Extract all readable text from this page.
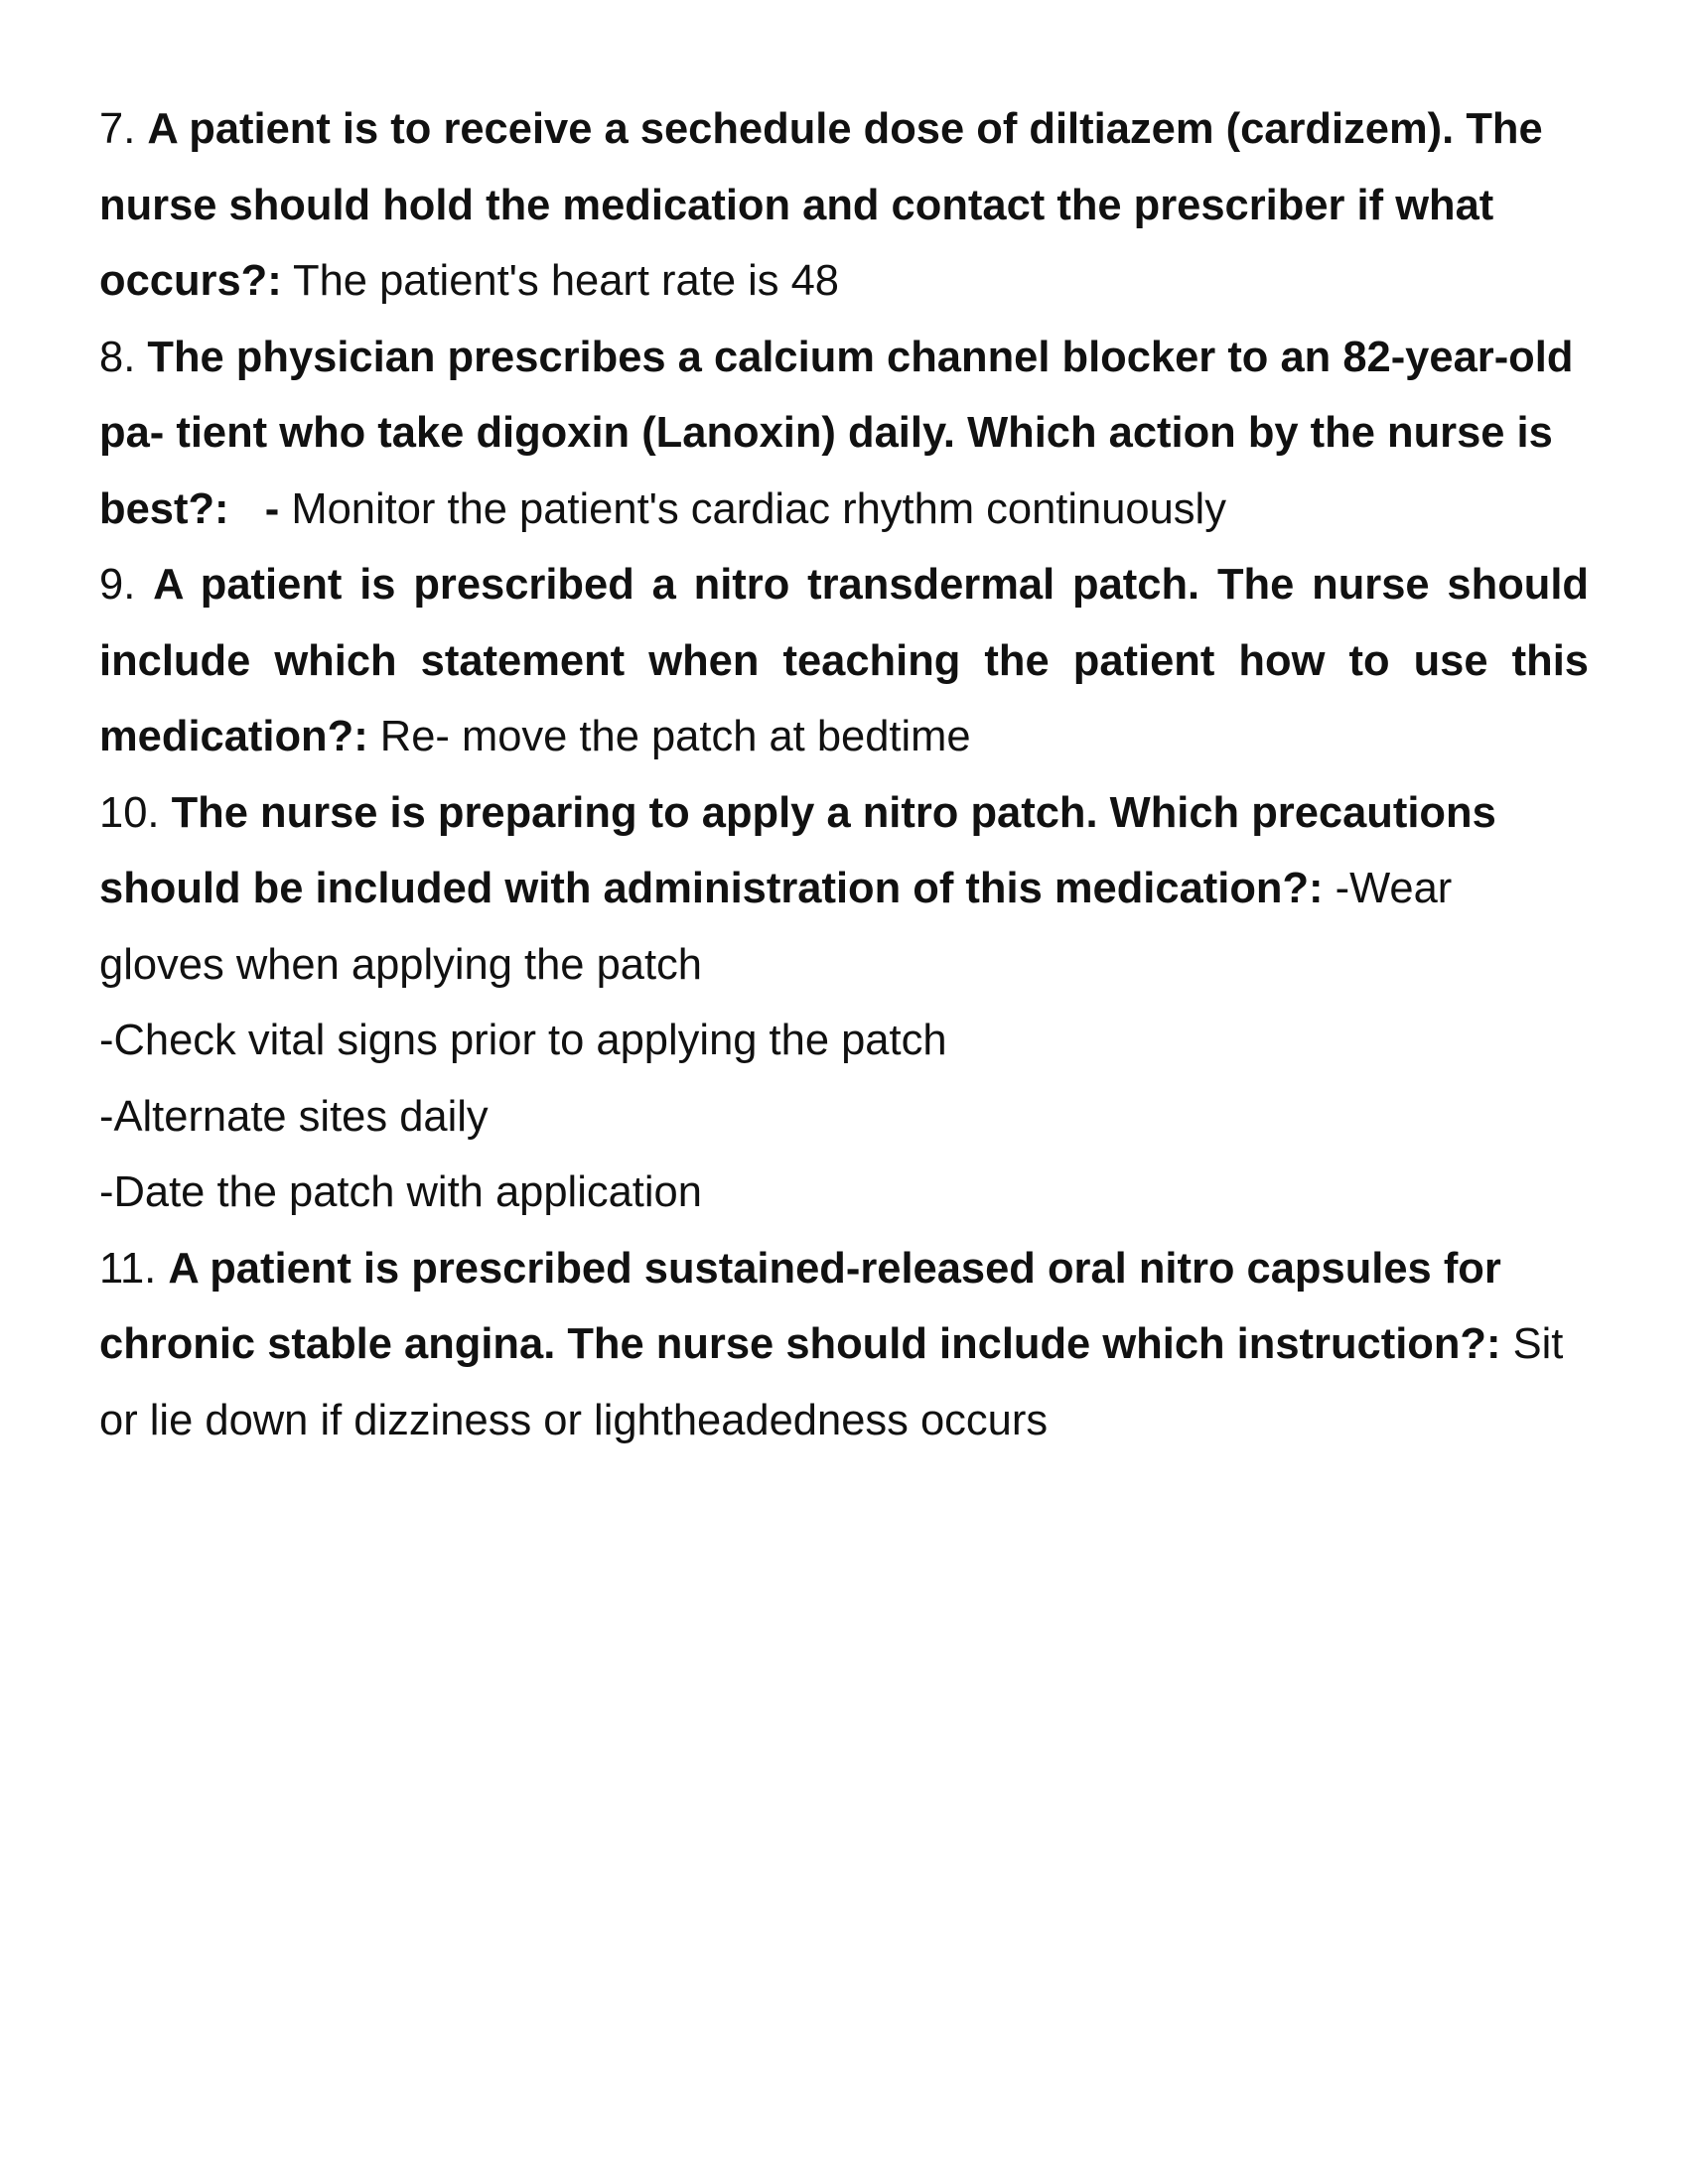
7. A patient is to receive a sechedule dose of diltiazem (cardizem). The nurse should hold the medication and contact the prescriber if what occurs?: The patient's heart rate is 48

8. The physician prescribes a calcium channel blocker to an 82-year-old pa- tient who take digoxin (Lanoxin) daily. Which action by the nurse is best?: - Monitor the patient's cardiac rhythm continuously

9. A patient is prescribed a nitro transdermal patch. The nurse should include which statement when teaching the patient how to use this medication?: Re- move the patch at bedtime

10. The nurse is preparing to apply a nitro patch. Which precautions should be included with administration of this medication?: -Wear gloves when applying the patch

-Check vital signs prior to applying the patch

-Alternate sites daily

-Date the patch with application

11. A patient is prescribed sustained-released oral nitro capsules for chronic stable angina. The nurse should include which instruction?: Sit or lie down if dizziness or lightheadedness occurs
